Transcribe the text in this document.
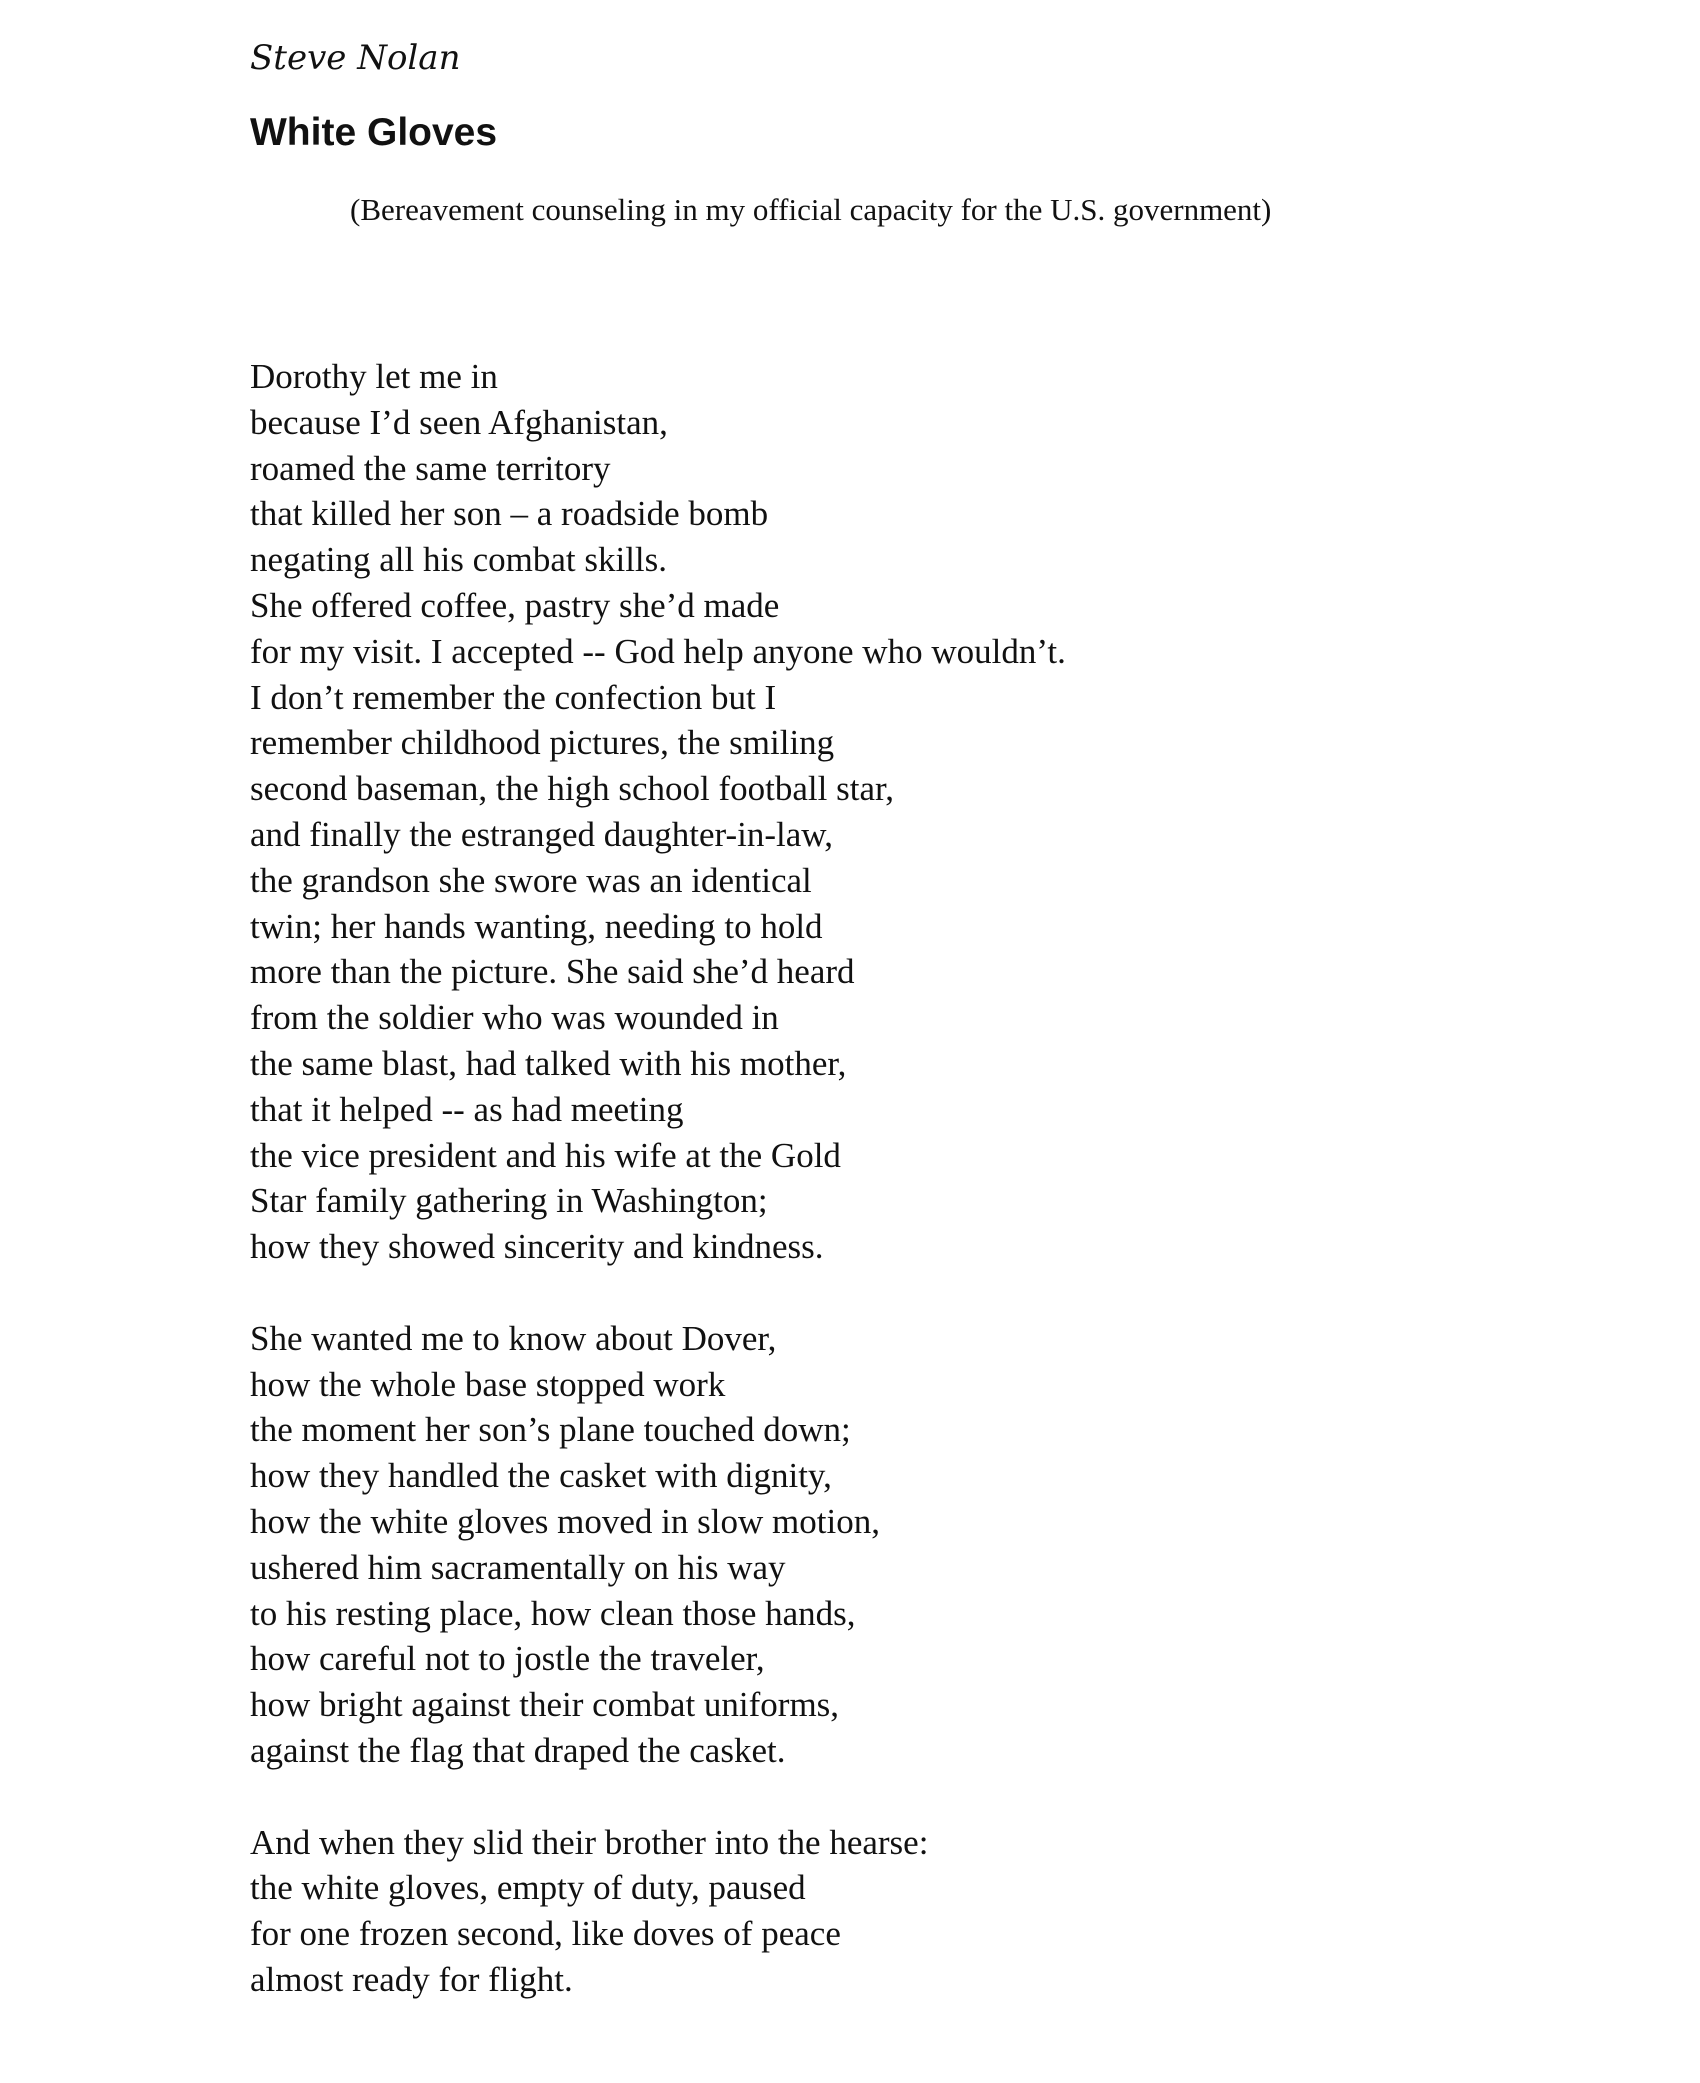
Steve Nolan

White Gloves

(Bereavement counseling in my official capacity for the U.S. government)

Dorothy let me in
because I’d seen Afghanistan,
roamed the same territory
that killed her son – a roadside bomb
negating all his combat skills.
She offered coffee, pastry she’d made
for my visit. I accepted -- God help anyone who wouldn’t.
I don’t remember the confection but I
remember childhood pictures, the smiling
second baseman, the high school football star,
and finally the estranged daughter-in-law,
the grandson she swore was an identical
twin; her hands wanting, needing to hold
more than the picture. She said she’d heard
from the soldier who was wounded in
the same blast, had talked with his mother,
that it helped -- as had meeting
the vice president and his wife at the Gold
Star family gathering in Washington;
how they showed sincerity and kindness.
She wanted me to know about Dover,
how the whole base stopped work
the moment her son’s plane touched down;
how they handled the casket with dignity,
how the white gloves moved in slow motion,
ushered him sacramentally on his way
to his resting place, how clean those hands,
how careful not to jostle the traveler,
how bright against their combat uniforms,
against the flag that draped the casket.
And when they slid their brother into the hearse:
the white gloves, empty of duty, paused
for one frozen second, like doves of peace
almost ready for flight.
